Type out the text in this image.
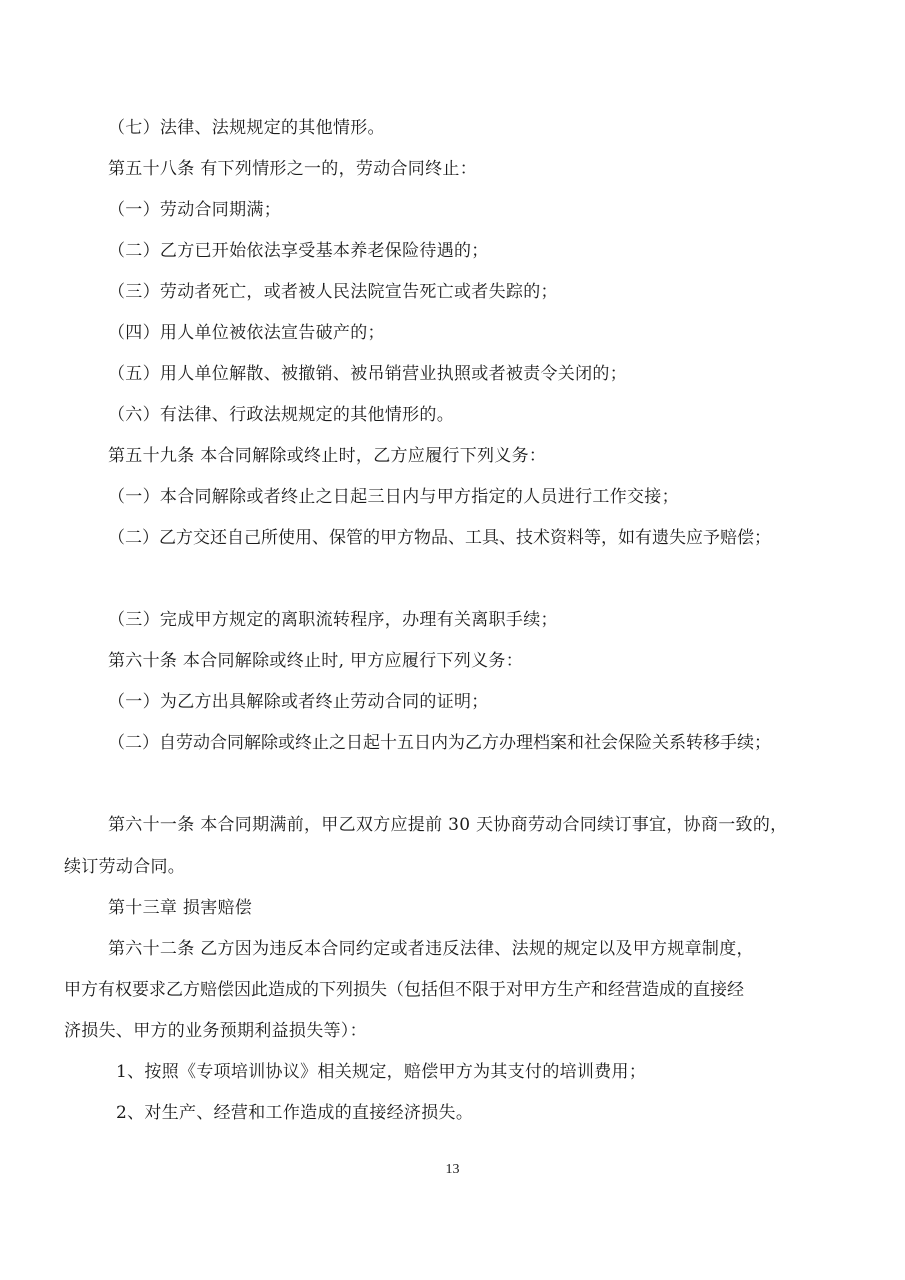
（七）法律、法规规定的其他情形。
第五十八条 有下列情形之一的，劳动合同终止：
（一）劳动合同期满；
（二）乙方已开始依法享受基本养老保险待遇的；
（三）劳动者死亡，或者被人民法院宣告死亡或者失踪的；
（四）用人单位被依法宣告破产的；
（五）用人单位解散、被撤销、被吊销营业执照或者被责令关闭的；
（六）有法律、行政法规规定的其他情形的。
第五十九条 本合同解除或终止时，乙方应履行下列义务：
（一）本合同解除或者终止之日起三日内与甲方指定的人员进行工作交接；
（二）乙方交还自己所使用、保管的甲方物品、工具、技术资料等，如有遗失应予赔偿；
（三）完成甲方规定的离职流转程序，办理有关离职手续；
第六十条 本合同解除或终止时, 甲方应履行下列义务：
（一）为乙方出具解除或者终止劳动合同的证明；
（二）自劳动合同解除或终止之日起十五日内为乙方办理档案和社会保险关系转移手续；
第六十一条 本合同期满前，甲乙双方应提前 30 天协商劳动合同续订事宜，协商一致的，
续订劳动合同。
第十三章 损害赔偿
第六十二条 乙方因为违反本合同约定或者违反法律、法规的规定以及甲方规章制度，
甲方有权要求乙方赔偿因此造成的下列损失（包括但不限于对甲方生产和经营造成的直接经
济损失、甲方的业务预期利益损失等）：
1、按照《专项培训协议》相关规定，赔偿甲方为其支付的培训费用；
2、对生产、经营和工作造成的直接经济损失。
13
